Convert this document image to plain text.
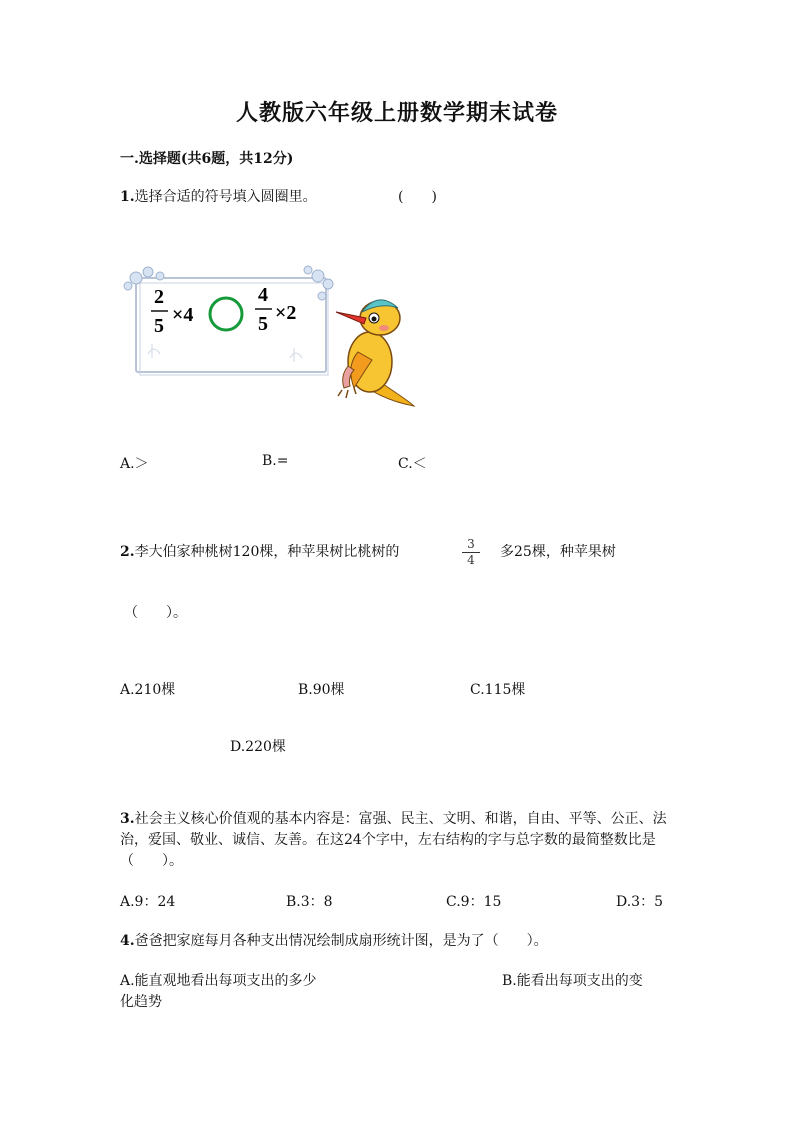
人教版六年级上册数学期末试卷
一.选择题(共6题，共12分)
1.选择合适的符号填入圆圈里。	(　　)
2
5 ×4
4
5 ×2
A.＞	B.=	C.＜
2.李大伯家种桃树120棵，种苹果树比桃树的	3
4	多25棵，种苹果树
（　　）。
A.210棵	B.90棵	C.115棵
D.220棵
3.社会主义核心价值观的基本内容是：富强、民主、文明、和谐，自由、平等、公正、法治，爱国、敬业、诚信、友善。在这24个字中，左右结构的字与总字数的最简整数比是（　　）。
A.9：24	B.3：8	C.9：15	D.3：5
4.爸爸把家庭每月各种支出情况绘制成扇形统计图，是为了（　　）。
A.能直观地看出每项支出的多少	B.能看出每项支出的变
化趋势
